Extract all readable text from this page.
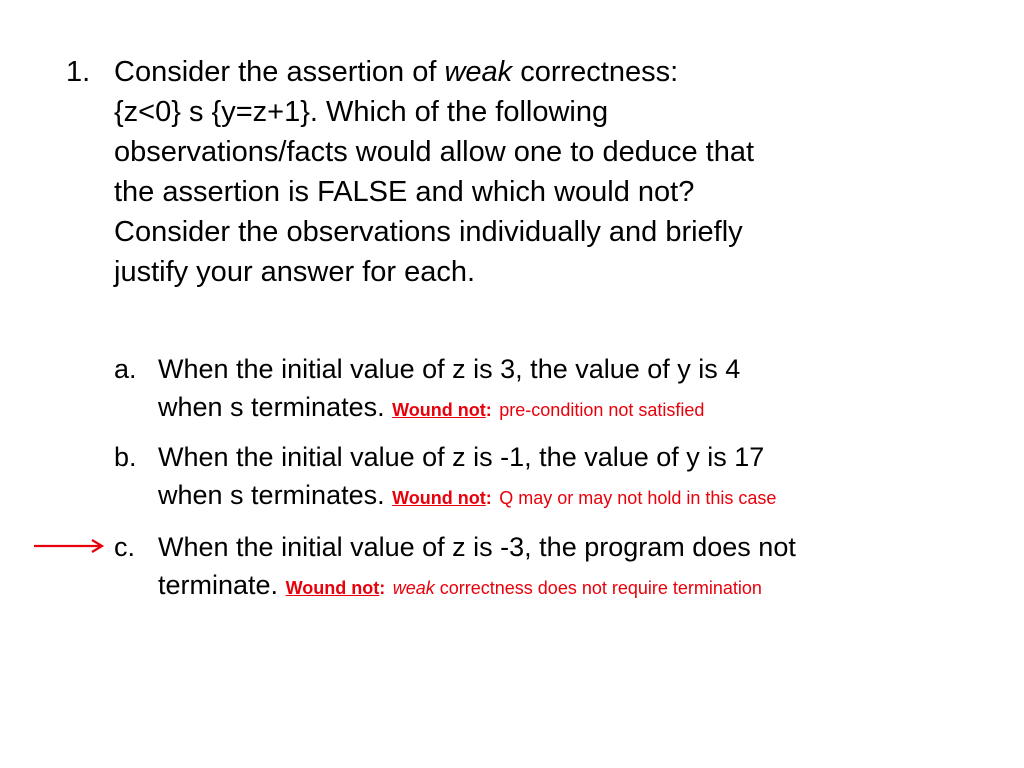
1. Consider the assertion of weak correctness:
{z<0} s {y=z+1}. Which of the following
observations/facts would allow one to deduce that
the assertion is FALSE and which would not?
Consider the observations individually and briefly
justify your answer for each.
a. When the initial value of z is 3, the value of y is 4
when s terminates. Wound not: pre-condition not satisfied
b. When the initial value of z is -1, the value of y is 17
when s terminates. Wound not: Q may or may not hold in this case
c. When the initial value of z is -3, the program does not
terminate. Wound not: weak correctness does not require termination
